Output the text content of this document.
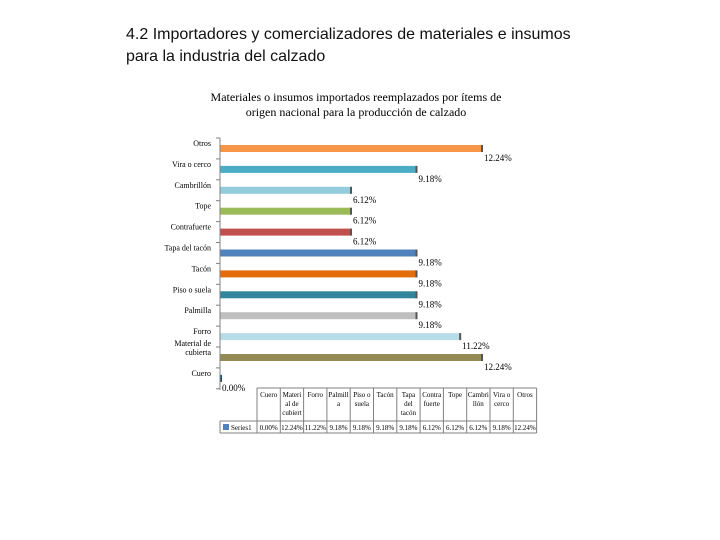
4.2 Importadores y comercializadores de materiales e insumos
para la industria del calzado
Materiales o insumos importados reemplazados por ítems de
origen nacional para la producción de calzado
Otros
Vira o cerco
Cambrillón
Tope
Contrafuerte
Tapa del tacón
Tacón
Piso o suela
Palmilla
Forro
Material de
cubierta
Cuero
12.24%
9.18%
6.12%
6.12%
6.12%
9.18%
9.18%
9.18%
9.18%
11.22%
12.24%
0.00%
Cuero Materi
al de
cubiert
Forro Palmill
a
Piso o
suela
Tacón Tapa
del
tacón
Contra
fuerte
Tope Cambri
llón
Vira o
cerco
Otros
0.00% 12.24% 11.22% 9.18% 9.18% 9.18% 9.18% 6.12% 6.12% 6.12% 9.18% 12.24%
Series1
